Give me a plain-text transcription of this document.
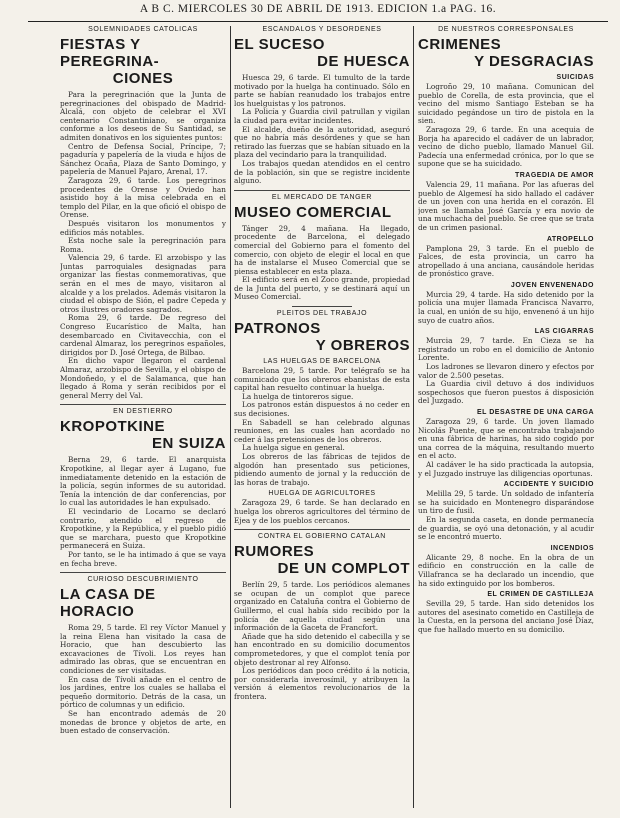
A B C. MIERCOLES 30 DE ABRIL DE 1913. EDICION 1.a PAG. 16.
SOLEMNIDADES CATOLICAS
FIESTAS Y PEREGRINA-
CIONES

Para la peregrinación que la Junta de peregrinaciones del obispado de Madrid-Alcalá, con objeto de celebrar el XVI centenario Constantiniano, se organiza conforme a los deseos de Su Santidad, se admiten donativos en los siguientes puntos:

Centro de Defensa Social, Príncipe, 7; pagaduría y papelería de la viuda e hijos de Sánchez Ocaña, Plaza de Santo Domingo, y papelería de Manuel Pajaro, Arenal, 17.

Zaragoza 29, 6 tarde. Los peregrinos procedentes de Orense y Oviedo han asistido hoy á la misa celebrada en el templo del Pilar, en la que ofició el obispo de Orense.

Después visitaron los monumentos y edificios más notables.

Esta noche sale la peregrinación para Roma.

Valencia 29, 6 tarde. El arzobispo y las Juntas parroquiales designadas para organizar las fiestas conmemorativas, que serán en el mes de mayo, visitaron al alcalde y a los prelados. Además visitaron la ciudad el obispo de Sión, el padre Cepeda y otros ilustres oradores sagrados.

Roma 29, 6 tarde. De regreso del Congreso Eucarístico de Malta, han desembarcado en Civitavecchia, con el cardenal Almaraz, los peregrinos españoles, dirigidos por D. José Ortega, de Bilbao.

En dicho vapor llegaron el cardenal Almaraz, arzobispo de Sevilla, y el obispo de Mondoñedo, y el de Salamanca, que han llegado á Roma y serán recibidos por el general Merry del Val.

EN DESTIERRO
KROPOTKINE
EN SUIZA

Berna 29, 6 tarde. El anarquista Kropotkine, al llegar ayer á Lugano, fue inmediatamente detenido en la estación de la policía, según informes de su autoridad. Tenía la intención de dar conferencias, por lo cual las autoridades le han expulsado.

El vecindario de Locarno se declaró contrario, atendido el regreso de Kropotkine, y la República, y el pueblo pidió que se marchara, puesto que Kropotkine permanecerá en Suiza.

Por tanto, se le ha intimado á que se vaya en fecha breve.

CURIOSO DESCUBRIMIENTO
LA CASA DE HORACIO

Roma 29, 5 tarde. El rey Víctor Manuel y la reina Elena han visitado la casa de Horacio, que han descubierto las excavaciones de Tívoli. Los reyes han admirado las obras, que se encuentran en condiciones de ser visitadas.

En casa de Tívoli añade en el centro de los jardines, entre los cuales se hallaba el pequeño dormitorio. Detrás de la casa, un pórtico de columnas y un edificio.

Se han encontrado además de 20 monedas de bronce y objetos de arte, en buen estado de conservación.

ESCANDALOS Y DESORDENES
EL SUCESO
DE HUESCA

Huesca 29, 6 tarde. El tumulto de la tarde motivado por la huelga ha continuado. Sólo en parte se habían reanudado los trabajos entre los huelguistas y los patronos.

La Policía y Guardia civil patrullan y vigilan la ciudad para evitar incidentes.

El alcalde, dueño de la autoridad, aseguró que no habría más desórdenes y que se han retirado las fuerzas que se habían situado en la plaza del vecindario para la tranquilidad.

Los trabajos quedan atendidos en el centro de la población, sin que se registre incidente alguno.

EL MERCADO DE TANGER
MUSEO COMERCIAL

Tánger 29, 4 mañana. Ha llegado, procedente de Barcelona, el delegado comercial del Gobierno para el fomento del comercio, con objeto de elegir el local en que ha de instalarse el Museo Comercial que se piensa establecer en esta plaza.

El edificio será en el Zoco grande, propiedad de la Junta del puerto, y se destinará aquí un Museo Comercial.

PLEITOS DEL TRABAJO
PATRONOS
Y OBREROS
LAS HUELGAS DE BARCELONA

Barcelona 29, 5 tarde. Por telégrafo se ha comunicado que los obreros ebanistas de esta capital han resuelto continuar la huelga.

La huelga de tintoreros sigue.

Los patronos están dispuestos á no ceder en sus decisiones.

En Sabadell se han celebrado algunas reuniones, en las cuales han acordado no ceder á las pretensiones de los obreros.

La huelga sigue en general.

Los obreros de las fábricas de tejidos de algodón han presentado sus peticiones, pidiendo aumento de jornal y la reducción de las horas de trabajo.

HUELGA DE AGRICULTORES

Zaragoza 29, 6 tarde. Se han declarado en huelga los obreros agricultores del término de Ejea y de los pueblos cercanos.

CONTRA EL GOBIERNO CATALAN
RUMORES
DE UN COMPLOT

Berlín 29, 5 tarde. Los periódicos alemanes se ocupan de un complot que parece organizado en Cataluña contra el Gobierno de Guillermo, el cual había sido recibido por la policía de aquella ciudad según una información de la Gaceta de Francfort.

Añade que ha sido detenido el cabecilla y se han encontrado en su domicilio documentos comprometedores, y que el complot tenía por objeto destronar al rey Alfonso.

Los periódicos dan poco crédito á la noticia, por considerarla inverosímil, y atribuyen la versión á elementos revolucionarios de la frontera.

DE NUESTROS CORRESPONSALES
CRIMENES
Y DESGRACIAS
SUICIDAS

Logroño 29, 10 mañana. Comunican del pueblo de Corella, de esta provincia, que el vecino del mismo Santiago Esteban se ha suicidado pegándose un tiro de pistola en la sien.

Zaragoza 29, 6 tarde. En una acequia de Borja ha aparecido el cadáver de un labrador, vecino de dicho pueblo, llamado Manuel Gil. Padecía una enfermedad crónica, por lo que se supone que se ha suicidado.

TRAGEDIA DE AMOR

Valencia 29, 11 mañana. Por las afueras del pueblo de Algemesí ha sido hallado el cadáver de un joven con una herida en el corazón. El joven se llamaba José García y era novio de una muchacha del pueblo. Se cree que se trata de un crimen pasional.

ATROPELLO

Pamplona 29, 3 tarde. En el pueblo de Falces, de esta provincia, un carro ha atropellado á una anciana, causándole heridas de pronóstico grave.

JOVEN ENVENENADO

Murcia 29, 4 tarde. Ha sido detenido por la policía una mujer llamada Francisca Navarro, la cual, en unión de su hijo, envenenó á un hijo suyo de cuatro años.

LAS CIGARRAS

Murcia 29, 7 tarde. En Cieza se ha registrado un robo en el domicilio de Antonio Lorente.

Los ladrones se llevaron dinero y efectos por valor de 2.500 pesetas.

La Guardia civil detuvo á dos individuos sospechosos que fueron puestos á disposición del Juzgado.

EL DESASTRE DE UNA CARGA

Zaragoza 29, 6 tarde. Un joven llamado Nicolás Puente, que se encontraba trabajando en una fábrica de harinas, ha sido cogido por una correa de la máquina, resultando muerto en el acto.

Al cadáver le ha sido practicada la autopsia, y el Juzgado instruye las diligencias oportunas.

ACCIDENTE Y SUICIDIO

Melilla 29, 5 tarde. Un soldado de infantería se ha suicidado en Montenegro disparándose un tiro de fusil.

En la segunda caseta, en donde permanecía de guardia, se oyó una detonación, y al acudir se le encontró muerto.

INCENDIOS

Alicante 29, 8 noche. En la obra de un edificio en construcción en la calle de Villafranca se ha declarado un incendio, que ha sido extinguido por los bomberos.

EL CRIMEN DE CASTILLEJA

Sevilla 29, 5 tarde. Han sido detenidos los autores del asesinato cometido en Castilleja de la Cuesta, en la persona del anciano José Díaz, que fue hallado muerto en su domicilio.
